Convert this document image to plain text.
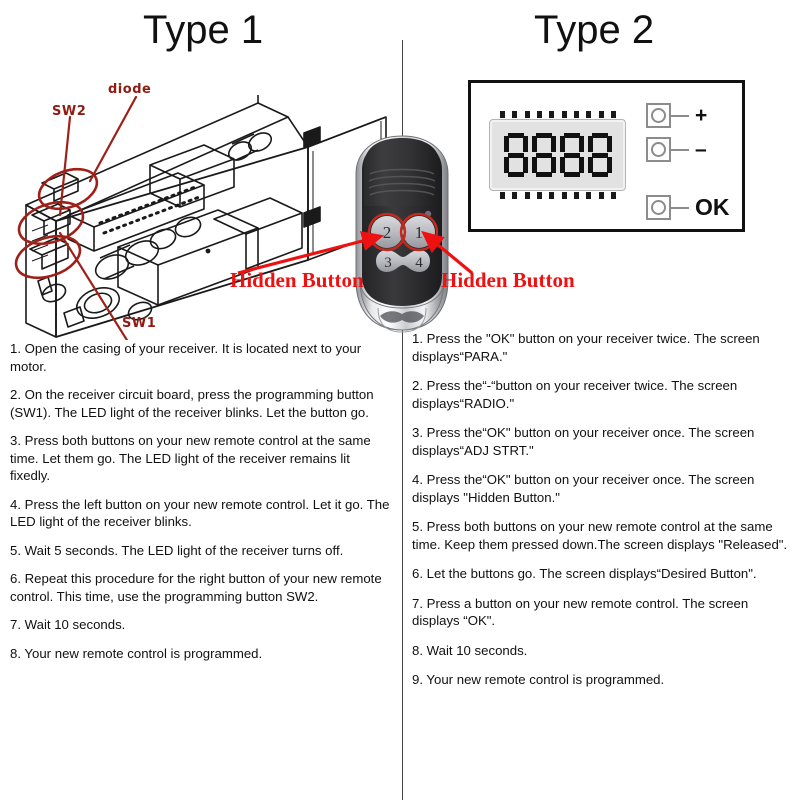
Type 1	Type 2
diode
SW2
SW1
+
–
OK
2 1
3 4
Hidden Button	Hidden Button

1. Open the casing of your receiver. It is located next to your motor.

2. On the receiver circuit board, press the programming button (SW1). The LED light of the receiver blinks. Let the button go.

3. Press both buttons on your new remote control at the same time. Let them go. The LED light of the receiver remains lit fixedly.

4. Press the left button on your new remote control. Let it go. The LED light of the receiver blinks.

5. Wait 5 seconds. The LED light of the receiver turns off.

6. Repeat this procedure for the right button of your new remote control. This time, use the programming button SW2.

7. Wait 10 seconds.

8. Your new remote control is programmed.

1. Press the "OK" button on your receiver twice. The screen displays“PARA."

2. Press the“-“button on your receiver twice. The screen displays“RADIO."

3. Press the“OK" button on your receiver once. The screen displays“ADJ STRT."

4. Press the“OK" button on your receiver once. The screen displays "Hidden Button."

5. Press both buttons on your new remote control at the same time. Keep them pressed down.The screen displays "Released".

6. Let the buttons go. The screen displays“Desired Button".

7. Press a button on your new remote control. The screen displays “OK".

8. Wait 10 seconds.

9. Your new remote control is programmed.
